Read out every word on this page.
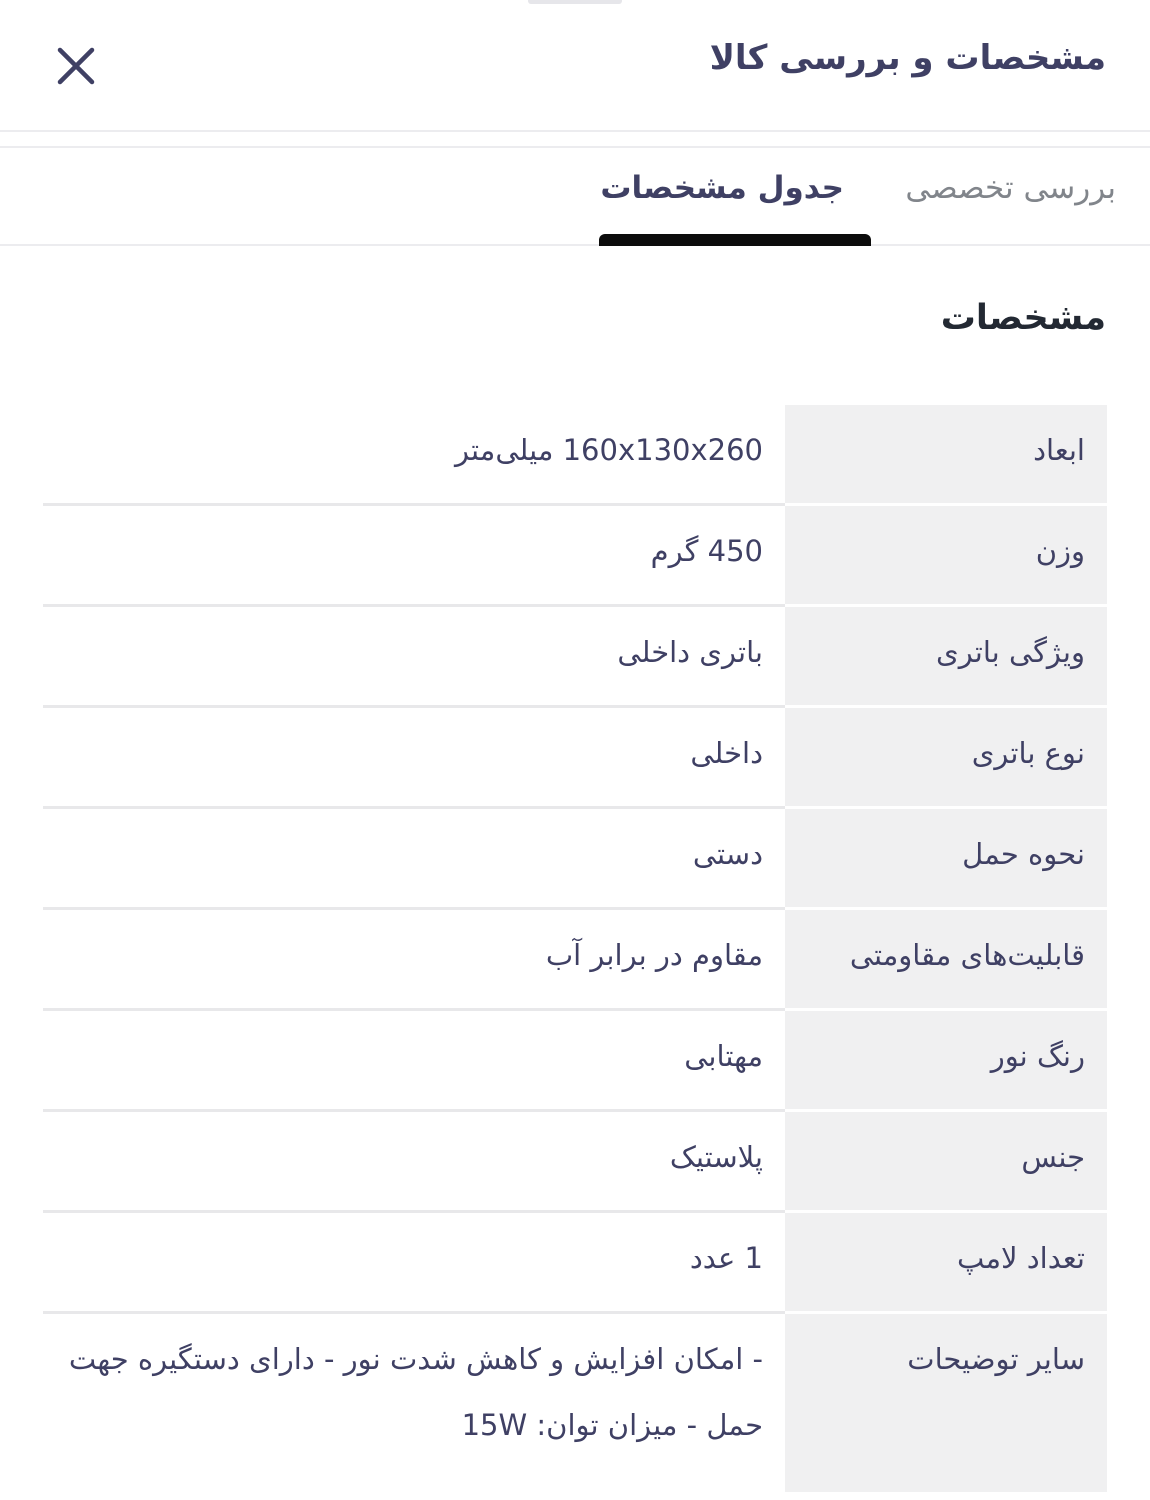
مشخصات و بررسی کالا
بررسی تخصصی
جدول مشخصات
مشخصات
ابعاد
160x130x260 میلی‌متر
وزن
450 گرم
ویژگی باتری
باتری داخلی
نوع باتری
داخلی
نحوه حمل
دستی
قابلیت‌های مقاومتی
مقاوم در برابر آب
رنگ نور
مهتابی
جنس
پلاستیک
تعداد لامپ
1 عدد
سایر توضیحات
- امکان افزایش و کاهش شدت نور - دارای دستگیره جهت حمل - میزان توان: 15W
